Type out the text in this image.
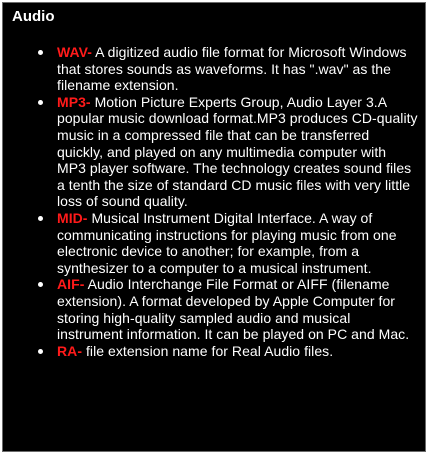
Audio
WAV- A digitized audio file format for Microsoft Windows that stores sounds as waveforms. It has ".wav" as the filename extension.
MP3- Motion Picture Experts Group, Audio Layer 3.A popular music download format.MP3 produces CD-quality music in a compressed file that can be transferred quickly, and played on any multimedia computer with MP3 player software. The technology creates sound files a tenth the size of standard CD music files with very little loss of sound quality.
MID- Musical Instrument Digital Interface. A way of communicating instructions for playing music from one electronic device to another; for example, from a synthesizer to a computer to a musical instrument.
AIF- Audio Interchange File Format or AIFF (filename extension). A format developed by Apple Computer for storing high-quality sampled audio and musical instrument information. It can be played on PC and Mac.
RA- file extension name for Real Audio files.
